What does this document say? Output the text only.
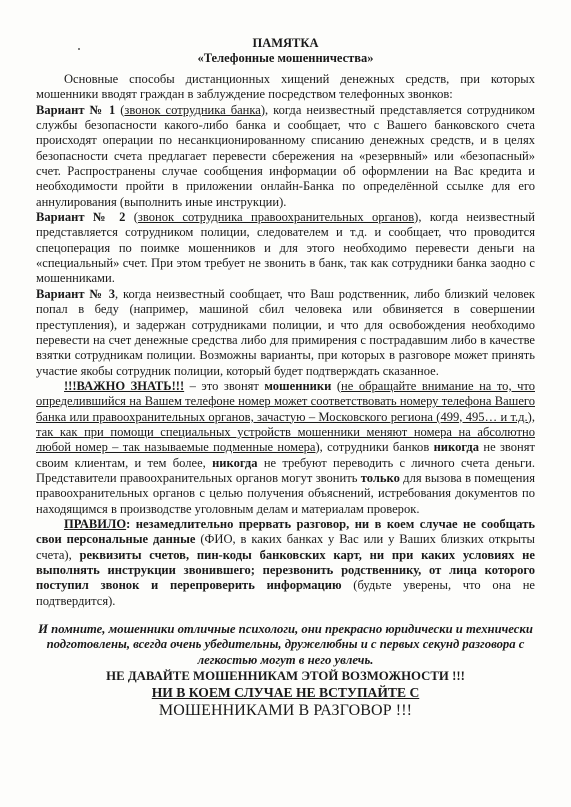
ПАМЯТКА
«Телефонные мошенничества»

Основные способы дистанционных хищений денежных средств, при которых мошенники вводят граждан в заблуждение посредством телефонных звонков:

Вариант № 1 (звонок сотрудника банка), когда неизвестный представляется сотрудником службы безопасности какого-либо банка и сообщает, что с Вашего банковского счета происходят операции по несанкционированному списанию денежных средств, и в целях безопасности счета предлагает перевести сбережения на «резервный» или «безопасный» счет. Распространены случае сообщения информации об оформлении на Вас кредита и необходимости пройти в приложении онлайн-Банка по определённой ссылке для его аннулирования (выполнить иные инструкции).

Вариант № 2 (звонок сотрудника правоохранительных органов), когда неизвестный представляется сотрудником полиции, следователем и т.д. и сообщает, что проводится спецоперация по поимке мошенников и для этого необходимо перевести деньги на «специальный» счет. При этом требует не звонить в банк, так как сотрудники банка заодно с мошенниками.

Вариант № 3, когда неизвестный сообщает, что Ваш родственник, либо близкий человек попал в беду (например, машиной сбил человека или обвиняется в совершении преступления), и задержан сотрудниками полиции, и что для освобождения необходимо перевести на счет денежные средства либо для примирения с пострадавшим либо в качестве взятки сотрудникам полиции. Возможны варианты, при которых в разговоре может принять участие якобы сотрудник полиции, который будет подтверждать сказанное.

!!!ВАЖНО ЗНАТЬ!!! – это звонят мошенники (не обращайте внимание на то, что определившийся на Вашем телефоне номер может соответствовать номеру телефона Вашего банка или правоохранительных органов, зачастую – Московского региона (499, 495… и т.д.), так как при помощи специальных устройств мошенники меняют номера на абсолютно любой номер – так называемые подменные номера), сотрудники банков никогда не звонят своим клиентам, и тем более, никогда не требуют переводить с личного счета деньги. Представители правоохранительных органов могут звонить только для вызова в помещения правоохранительных органов с целью получения объяснений, истребования документов по находящимся в производстве уголовным делам и материалам проверок.

ПРАВИЛО: незамедлительно прервать разговор, ни в коем случае не сообщать свои персональные данные (ФИО, в каких банках у Вас или у Ваших близких открыты счета), реквизиты счетов, пин-коды банковских карт, ни при каких условиях не выполнять инструкции звонившего; перезвонить родственнику, от лица которого поступил звонок и перепроверить информацию (будьте уверены, что она не подтвердится).

И помните, мошенники отличные психологи, они прекрасно юридически и технически подготовлены, всегда очень убедительны, дружелюбны и с первых секунд разговора с легкостью могут в него увлечь.
НЕ ДАВАЙТЕ МОШЕННИКАМ ЭТОЙ ВОЗМОЖНОСТИ !!!
НИ В КОЕМ СЛУЧАЕ НЕ ВСТУПАЙТЕ С
МОШЕННИКАМИ В РАЗГОВОР !!!
